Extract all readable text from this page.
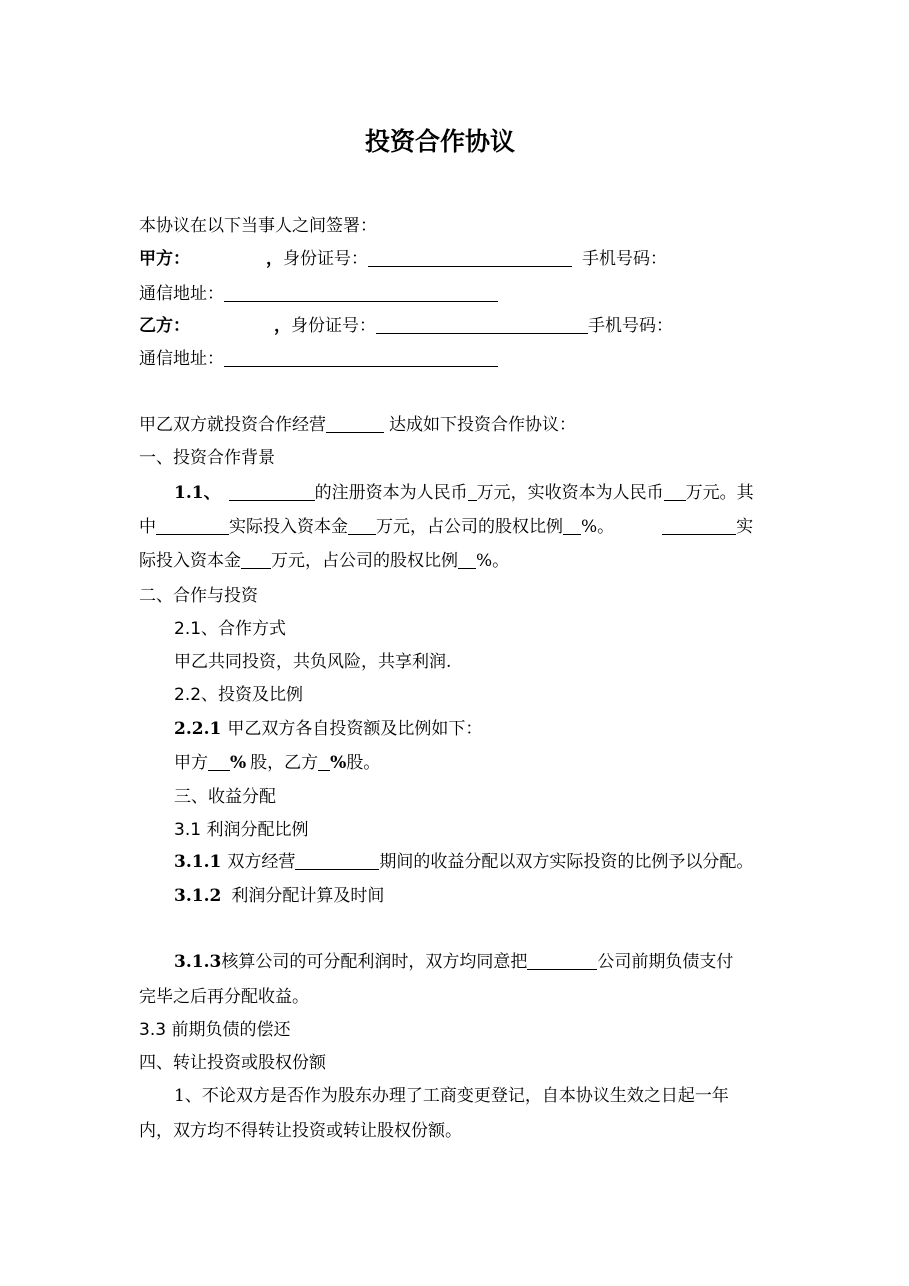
投资合作协议
本协议在以下当事人之间签署：
甲方：	，身份证号：	手机号码：
通信地址：
乙方：	，身份证号：	手机号码：
通信地址：
甲乙双方就投资合作经营	达成如下投资合作协议：
一、投资合作背景
1.1、	的注册资本为人民币 万元，实收资本为人民币 万元。其
中	实际投入资本金 万元，占公司的股权比例 %。	实
际投入资本金 万元，占公司的股权比例 %。
二、合作与投资
2.1、合作方式
甲乙共同投资，共负风险，共享利润.
2.2、投资及比例
2.2.1 甲乙双方各自投资额及比例如下：
甲方 % 股，乙方 %股。
三、收益分配
3.1 利润分配比例
3.1.1 双方经营	期间的收益分配以双方实际投资的比例予以分配。
3.1.2 利润分配计算及时间
3.1.3核算公司的可分配利润时，双方均同意把	公司前期负债支付
完毕之后再分配收益。
3.3 前期负债的偿还
四、转让投资或股权份额
1、不论双方是否作为股东办理了工商变更登记，自本协议生效之日起一年
内，双方均不得转让投资或转让股权份额。
